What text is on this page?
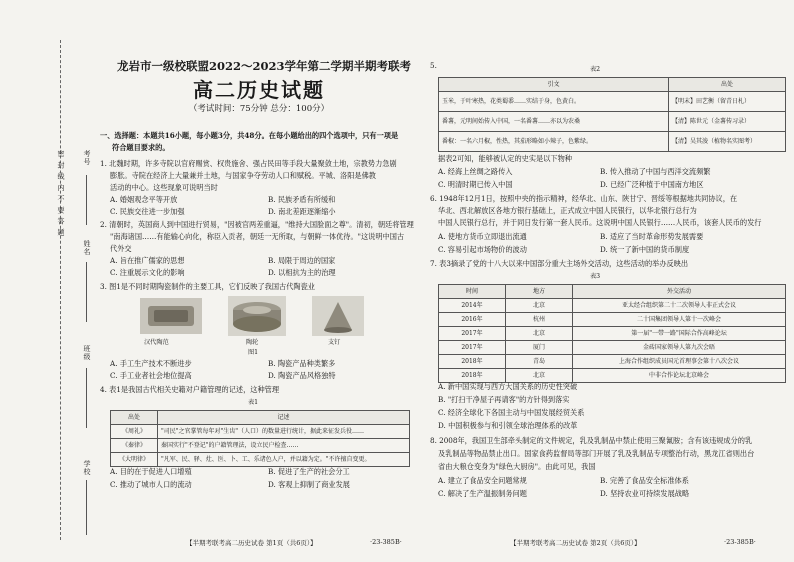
密 封 线 内 不 要 答 题	考号
姓名
班级
学校
龙岩市一级校联盟2022～2023学年第二学期半期考联考
高二历史试题
（考试时间：75分钟 总分：100分）
一、选择题：本题共16小题，每小题3分，共48分。在每小题给出的四个选项中，只有一项是
符合题目要求的。
1. 北魏时期，许多寺院以官府赐赏、权贵施舍、强占民田等手段大量聚敛土地，宗教势力急剧
膨胀。寺院在经济上大量兼并土地，与国家争夺劳动人口和赋税。平城、洛阳是佛教
活动的中心。这些现象可说明当时
A. 婚姻观念平等开放	B. 民族矛盾有所缓和
C. 民族交往进一步加强	D. 南北差距逐渐缩小
2. 清朝时，英国商人到中国进行贸易，"因被官两差重逼，"维持大国脸面之尊"。清初，朝廷将管理
"南海诸国……有能输心向化，称臣入贡者，朝廷一无所取，与朝鲜一体优待。"这说明中国古
代外交
A. 旨在推广儒家的思想	B. 局限于周边的国家
C. 注重展示文化的影响	D. 以相抗为主的治理
3. 图1是不同时期陶瓷制作的主要工具，它们反映了我国古代陶瓷业
汉代陶范	陶轮	支钉
图1
A. 手工生产技术不断进步	B. 陶瓷产品种类繁多
C. 手工业者社会地位提高	D. 陶瓷产品风格独特
4. 表1是我国古代相关史籍对户籍管理的记述，这种管理
表1
出处	记述
《周礼》	"司民"之官掌管每年对"生齿"（人口）的数量进行统计，据此来征发兵役……
《秦律》	秦国实行"不登记"的户籍管理法，设立民户检查……
《大明律》	"凡军、民、驿、灶、医、卜、工、乐诸色人户，并以籍为定。"不许擅自变更。
A. 目的在于促进人口增殖	B. 促进了生产的社会分工
C. 推动了城市人口的流动	D. 客观上抑制了商业发展
【半期考联考高二历史试卷 第1页（共6页）】	·23-385B·
5.	表2
引文	出处
玉米，于叶寒热，花类蜀黍……实结于身，色黄白。	【明末】田艺衡（留青日札）
番薯，元明间始传入中国，一名番薯……亦以为农桑	【清】陈世元（金薯传习录）
番椒：一名六月椒，性热，其茄形略如小辣子，色紫绿。	【清】吴其浚（植物名实图考）
据表2可知，能够被认定的史实是以下物种
A. 经海上丝绸之路传入	B. 传入推动了中国与西洋交流频繁
C. 明清时期已传入中国	D. 已经广泛种植于中国南方地区
6. 1948年12月1日，按照中央的指示精神，经华北、山东、陕甘宁、晋绥等根据地共同协议，在
华北、西北解放区各地方银行基础上，正式成立中国人民银行，以华北银行总行为
中国人民银行总行，并于同日发行第一套人民币。这说明中国人民银行……人民币，该套人民币的发行
A. 使地方货币立即退出流通	B. 适应了当时革命形势发展需要
C. 容易引起市场物价的波动	D. 统一了新中国的货币制度
7. 表3摘录了党的十八大以来中国部分重大主场外交活动，这些活动的举办反映出
表3
时间	地方	外交活动
2014年	北京	亚太经合组织第二十二次领导人非正式会议
2016年	杭州	二十国集团领导人第十一次峰会
2017年	北京	第一届"一带一路"国际合作高峰论坛
2017年	厦门	金砖国家领导人第九次会晤
2018年	青岛	上海合作组织成员国元首理事会第十八次会议
2018年	北京	中非合作论坛北京峰会
A. 新中国实现与西方大国关系的历史性突破
B. "打扫干净屋子再请客"的方针得到落实
C. 经济全球化下各国主动与中国发展经贸关系
D. 中国积极参与和引领全球治理体系的改革
8. 2008年，我国卫生部牵头制定的文件规定，乳及乳制品中禁止使用三聚氰胺；含有该违规成分的乳
及乳制品等物品禁止出口。国家食药监督局等部门开展了乳及乳制品专项整治行动，黑龙江省则出台
省由大粮仓变身为"绿色大厨房"。由此可见，我国
A. 建立了食品安全问题常规	B. 完善了食品安全标准体系
C. 解决了生产温振制务问题	D. 坚持农业可持续发展战略
【半期考联考高二历史试卷 第2页（共6页）】	·23-385B·
